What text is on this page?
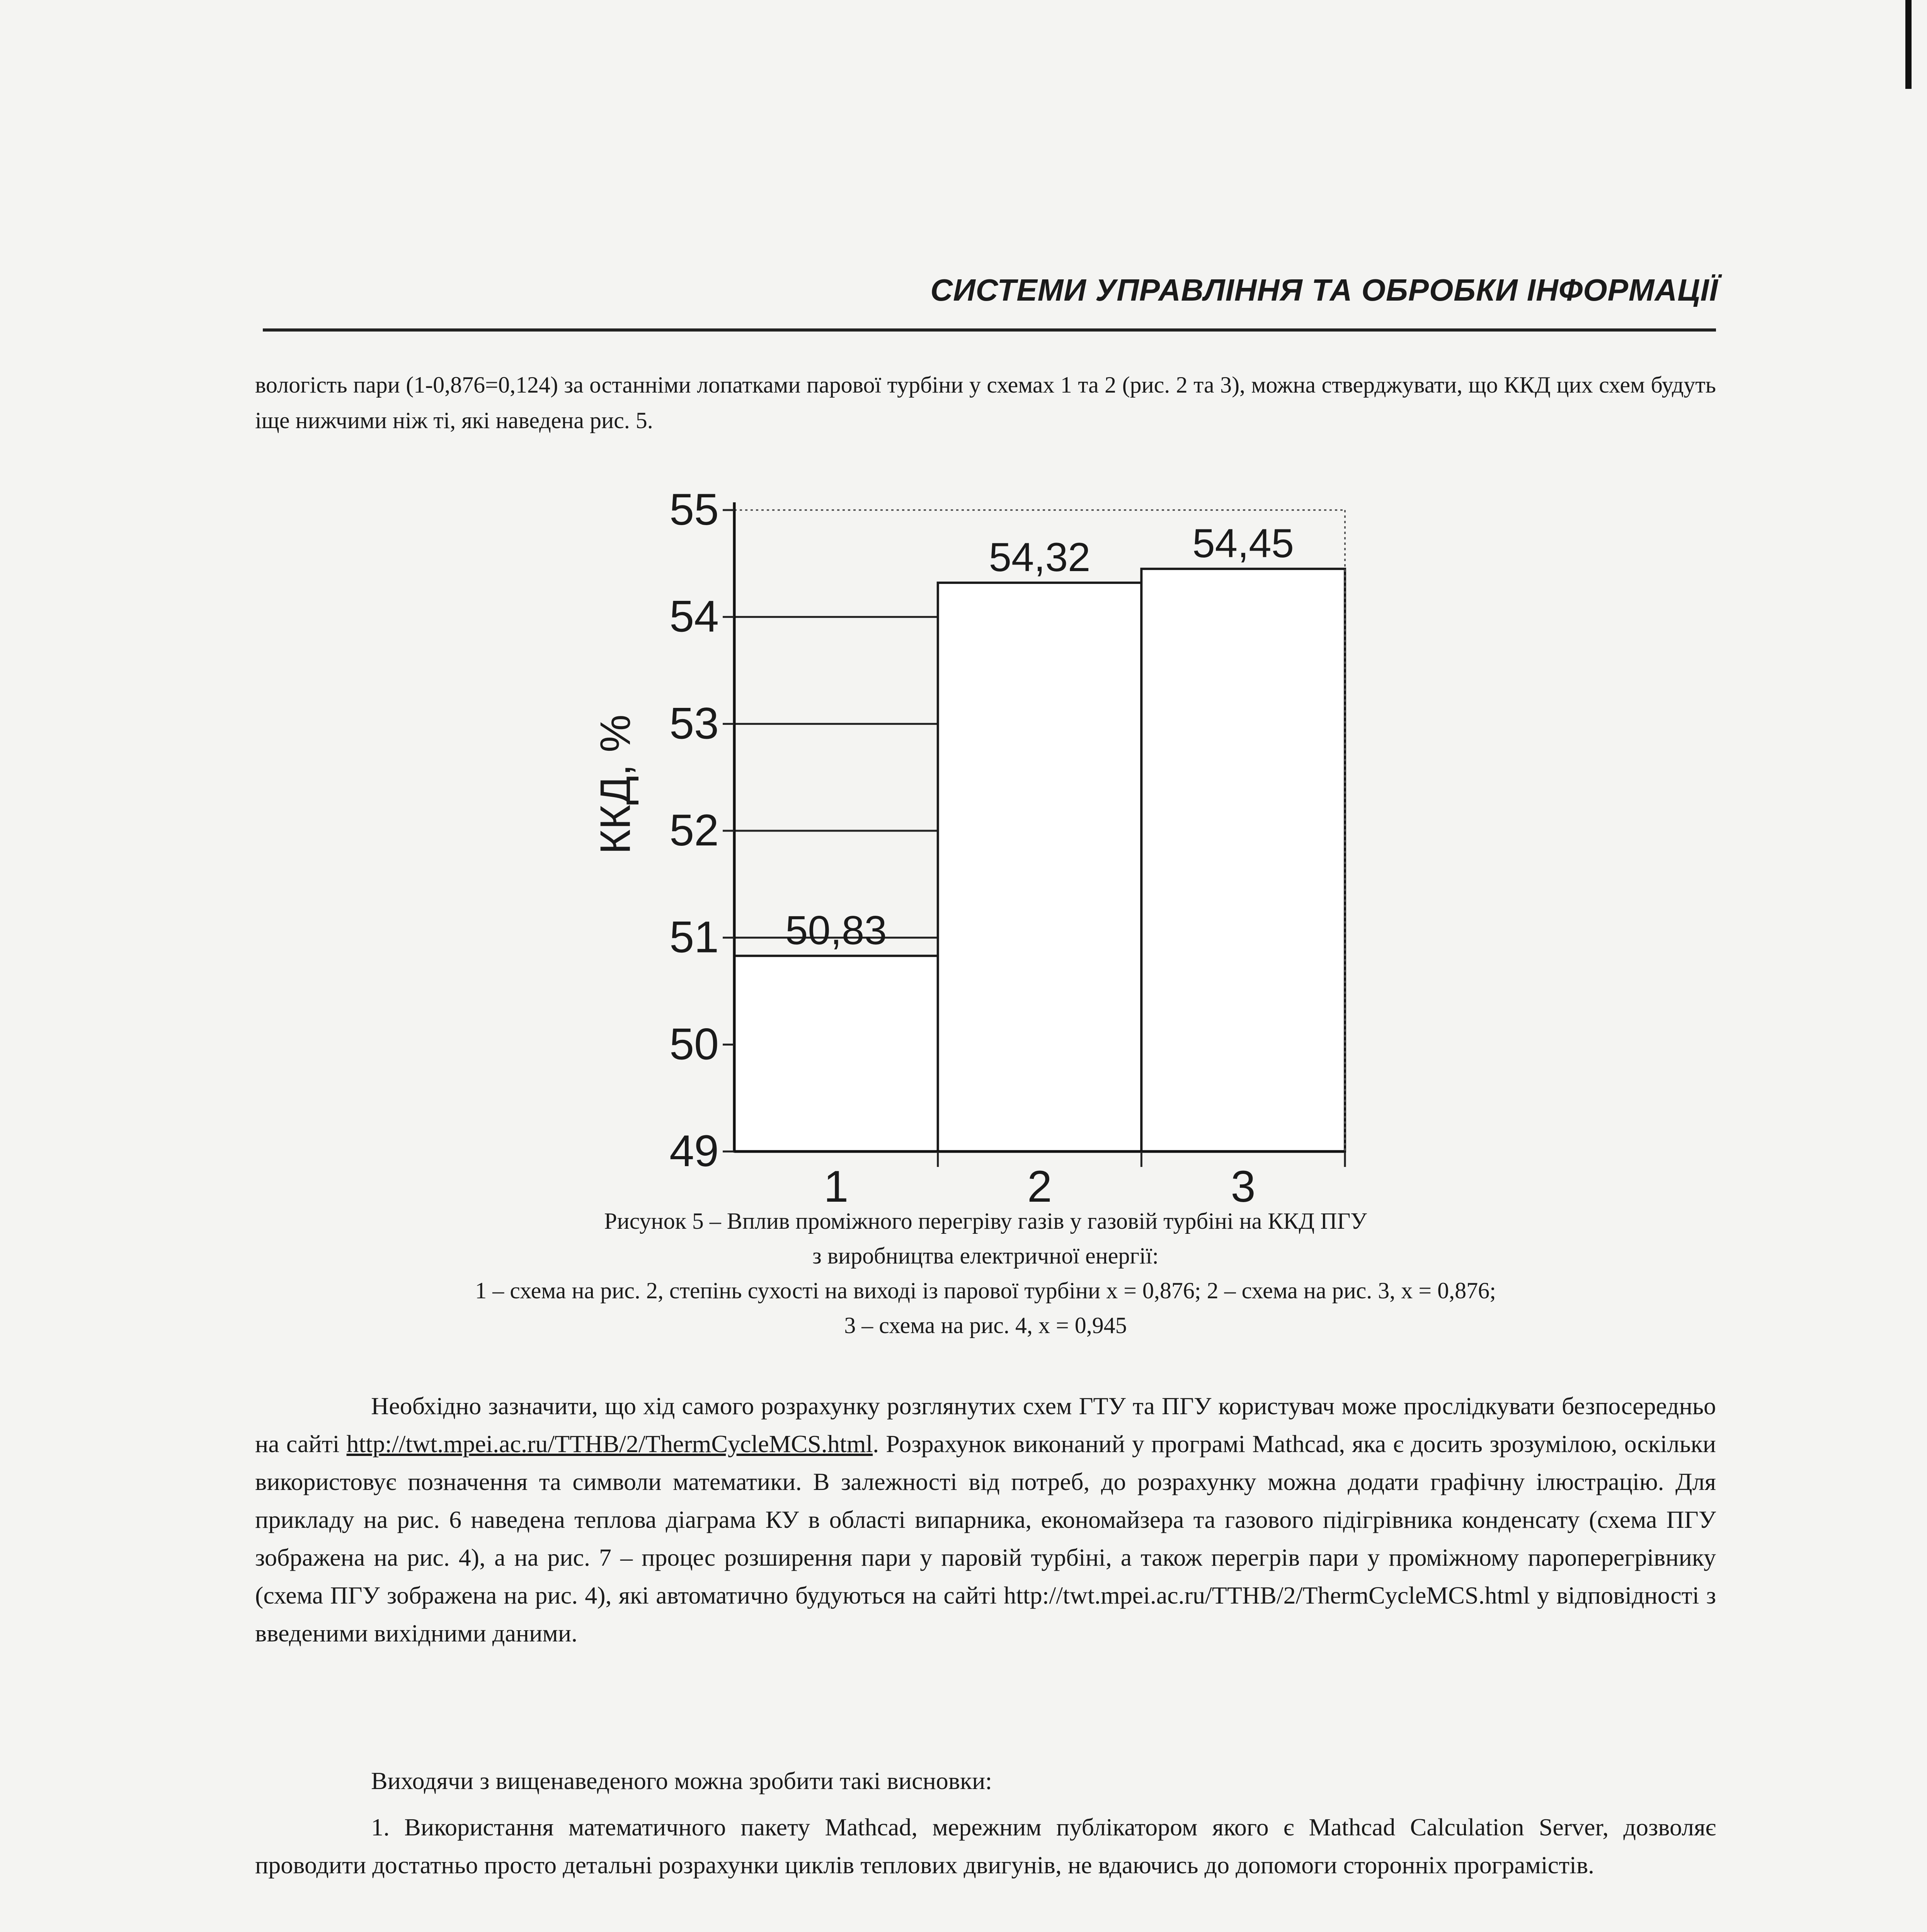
СИСТЕМИ УПРАВЛІННЯ ТА ОБРОБКИ ІНФОРМАЦІЇ
вологість пари (1-0,876=0,124) за останніми лопатками парової турбіни у схемах 1 та 2 (рис. 2 та 3), можна стверджувати, що ККД цих схем будуть іще нижчими ніж ті, які наведена рис. 5.
49
50
51
52
53
54
55
1	2	3
50,83
54,32	54,45
ККД, %
Рисунок 5 – Вплив проміжного перегріву газів у газовій турбіні на ККД ПГУ
з виробництва електричної енергії:
1 – схема на рис. 2, степінь сухості на виході із парової турбіни x = 0,876; 2 – схема на рис. 3, x = 0,876;
3 – схема на рис. 4, x = 0,945
Необхідно зазначити, що хід самого розрахунку розглянутих схем ГТУ та ПГУ користувач може прослідкувати безпосередньо на сайті http://twt.mpei.ac.ru/TTHB/2/ThermCycleMCS.html. Розрахунок виконаний у програмі Mathcad, яка є досить зрозумілою, оскільки використовує позначення та символи математики. В залежності від потреб, до розрахунку можна додати графічну ілюстрацію. Для прикладу на рис. 6 наведена теплова діаграма КУ в області випарника, економайзера та газового підігрівника конденсату (схема ПГУ зображена на рис. 4), а на рис. 7 – процес розширення пари у паровій турбіні, а також перегрів пари у проміжному пароперегрівнику (схема ПГУ зображена на рис. 4), які автоматично будуються на сайті http://twt.mpei.ac.ru/TTHB/2/ThermCycleMCS.html у відповідності з введеними вихідними даними.
Виходячи з вищенаведеного можна зробити такі висновки:
1. Використання математичного пакету Mathcad, мережним публікатором якого є Mathcad Calculation Server, дозволяє проводити достатньо просто детальні розрахунки циклів теплових двигунів, не вдаючись до допомоги сторонніх програмістів.
